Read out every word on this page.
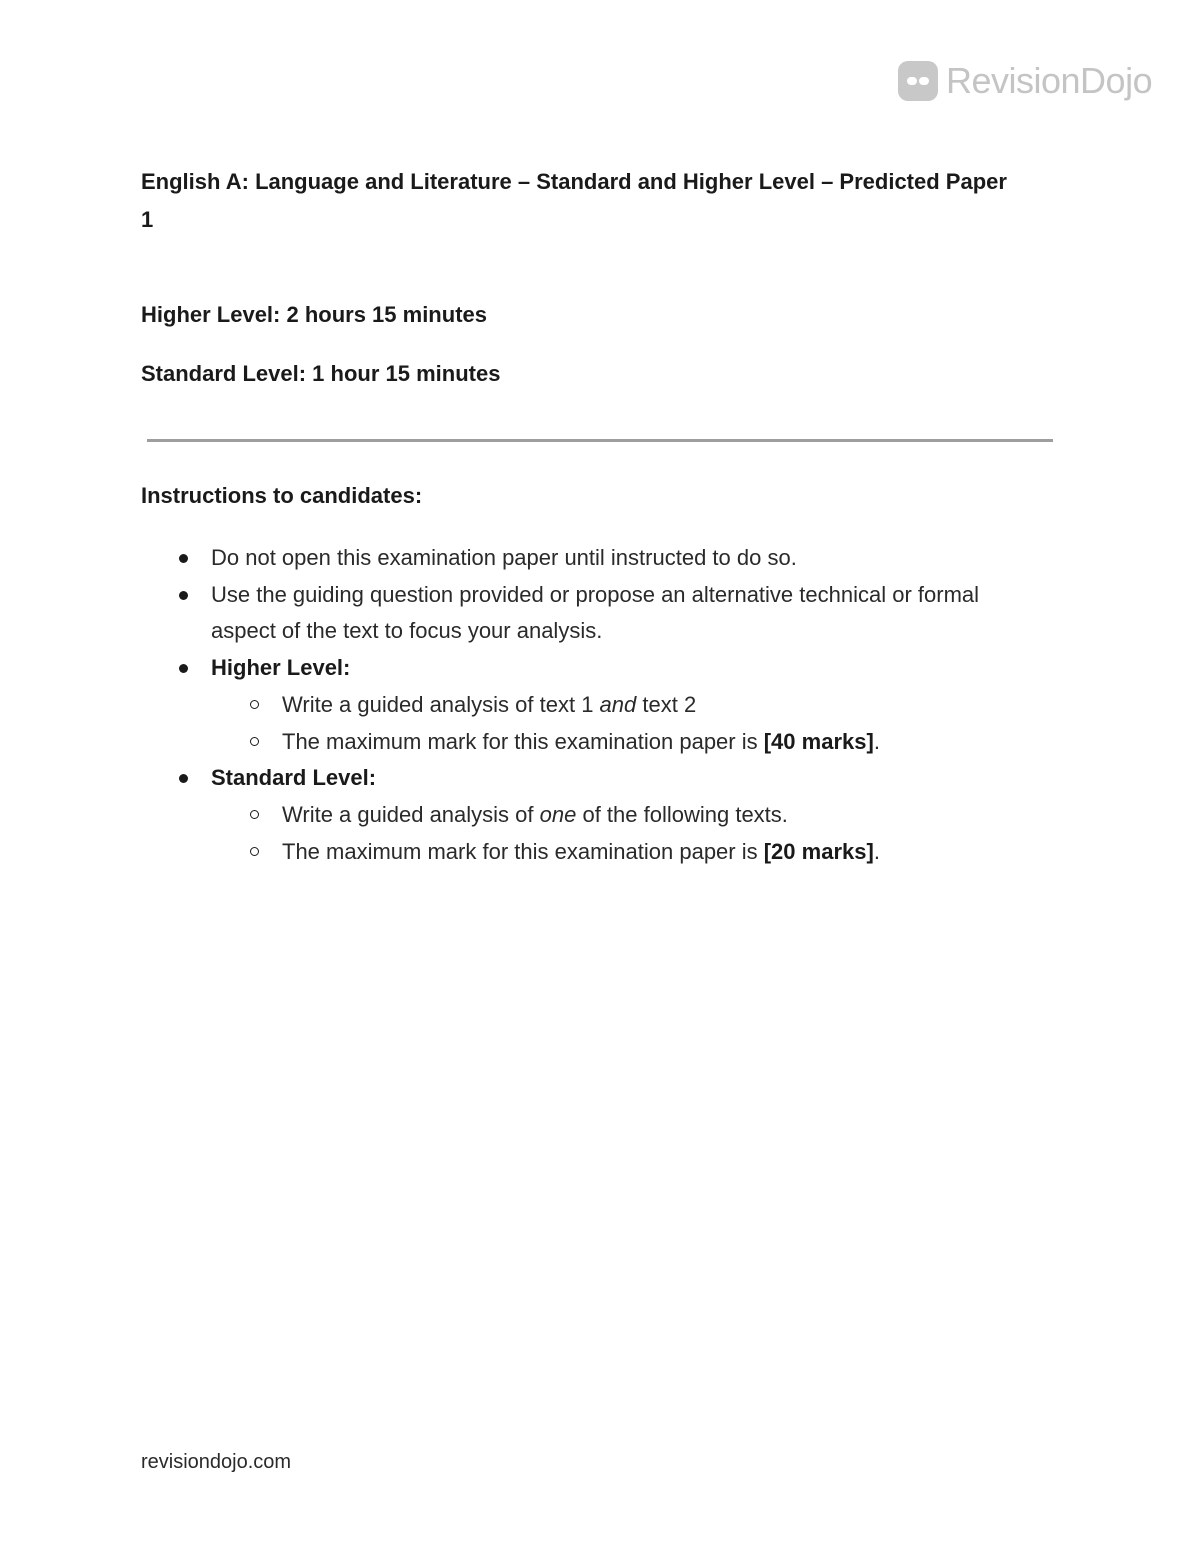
RevisionDojo
English A: Language and Literature – Standard and Higher Level – Predicted Paper 1

Higher Level: 2 hours 15 minutes

Standard Level: 1 hour 15 minutes

Instructions to candidates:

Do not open this examination paper until instructed to do so.
Use the guiding question provided or propose an alternative technical or formal aspect of the text to focus your analysis.
Higher Level:
Write a guided analysis of text 1 and text 2
The maximum mark for this examination paper is [40 marks].
Standard Level:
Write a guided analysis of one of the following texts.
The maximum mark for this examination paper is [20 marks].

revisiondojo.com
